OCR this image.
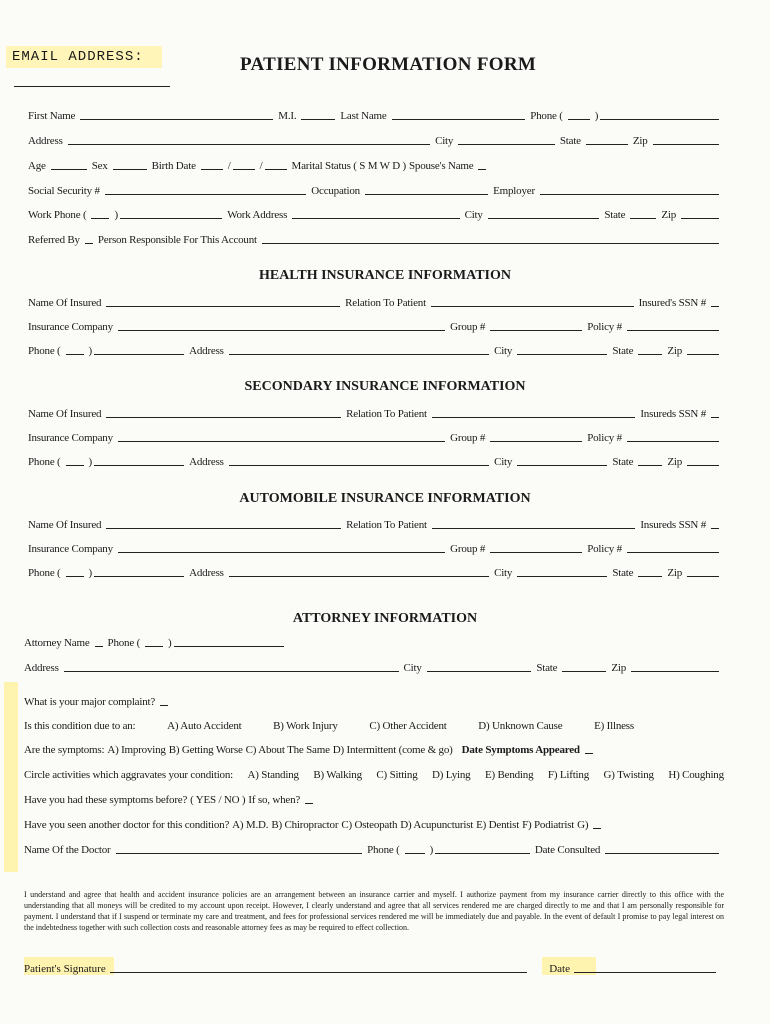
EMAIL ADDRESS:	PATIENT INFORMATION FORM
First Name	M.I.	Last Name	Phone (	)
Address	City	State	Zip
Age	Sex	Birth Date	/	/	Marital Status ( S M W D ) Spouse's Name
Social Security #	Occupation	Employer
Work Phone (	)	Work Address	City	State	Zip
Referred By Person Responsible For This Account
HEALTH INSURANCE INFORMATION
Name Of Insured	Relation To Patient	Insured's SSN #
Insurance Company	Group #	Policy #
Phone (	)	Address	City	State	Zip
SECONDARY INSURANCE INFORMATION
Name Of Insured	Relation To Patient	Insureds SSN #
Insurance Company	Group #	Policy #
Phone (	)	Address	City	State	Zip
AUTOMOBILE INSURANCE INFORMATION
Name Of Insured	Relation To Patient	Insureds SSN #
Insurance Company	Group #	Policy #
Phone (	)	Address	City	State	Zip
ATTORNEY INFORMATION
Attorney Name Phone (	)
Address	City	State	Zip
What is your major complaint?
Is this condition due to an:	A) Auto Accident	B) Work Injury	C) Other Accident	D) Unknown Cause	E) Illness
Are the symptoms: A) Improving B) Getting Worse C) About The Same D) Intermittent (come & go) Date Symptoms Appeared
Circle activities which aggravates your condition: A) Standing B) Walking C) Sitting D) Lying E) Bending F) Lifting G) Twisting H) Coughing
Have you had these symptoms before? ( YES / NO ) If so, when?
Have you seen another doctor for this condition? A) M.D. B) Chiropractor C) Osteopath D) Acupuncturist E) Dentist F) Podiatrist G)
Name Of the Doctor	Phone (	)	Date Consulted
I understand and agree that health and accident insurance policies are an arrangement between an insurance carrier and myself. I authorize payment from my insurance carrier directly to this office with the understanding that all moneys will be credited to my account upon receipt. However, I clearly understand and agree that all services rendered me are charged directly to me and that I am personally responsible for payment. I understand that if I suspend or terminate my care and treatment, and fees for professional services rendered me will be immediately due and payable. In the event of default I promise to pay legal interest on the indebtedness together with such collection costs and reasonable attorney fees as may be required to effect collection.
Patient's Signature	Date
